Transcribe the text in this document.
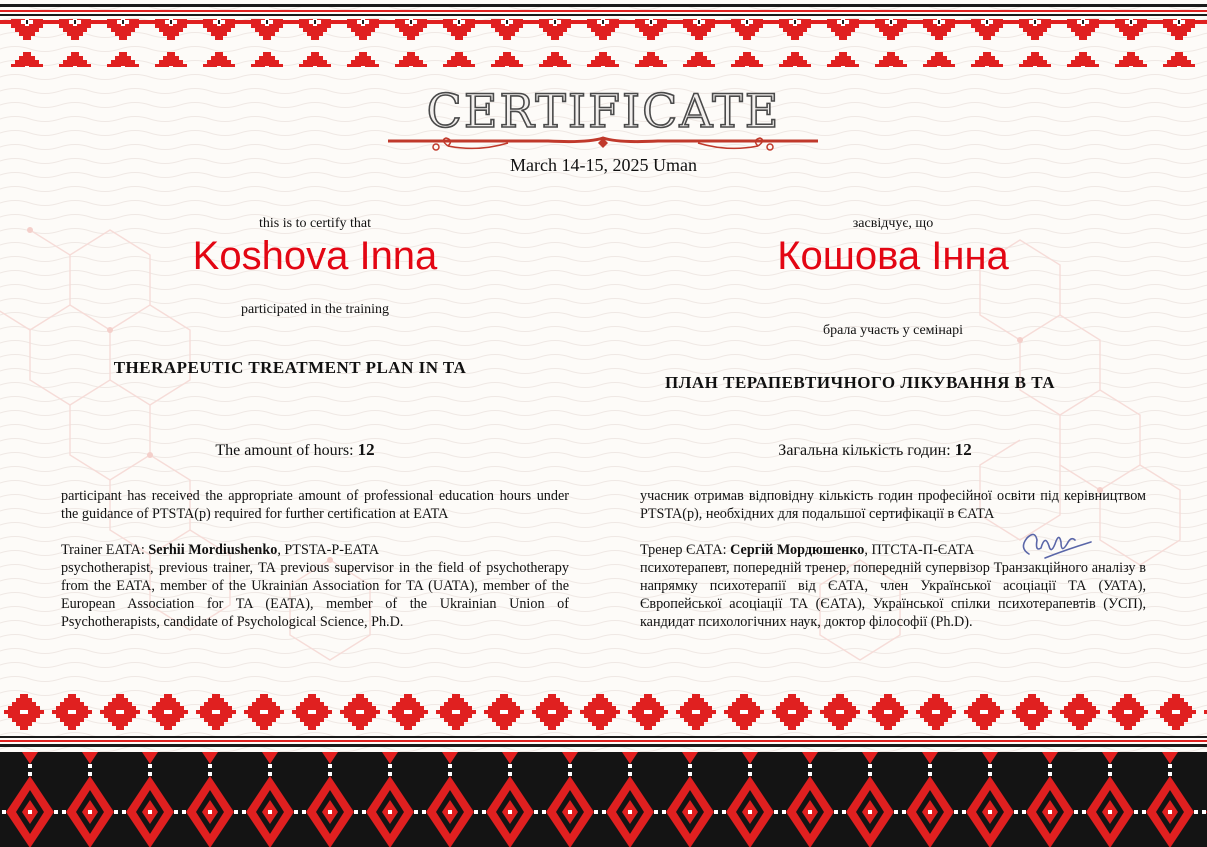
CERTIFICATE
March 14-15, 2025 Uman
this is to certify that
Koshova Inna
participated in the training
THERAPEUTIC TREATMENT PLAN IN TA
The amount of hours: 12

participant has received the appropriate amount of professional education hours under the guidance of PTSTA(p) required for further certification at EATA

Trainer EATA: Serhii Mordiushenko, PTSTA-P-EATA

psychotherapist, previous trainer, TA previous supervisor in the field of psychotherapy from the EATA, member of the Ukrainian Association for TA (UATA), member of the European Association for TA (EATA), member of the Ukrainian Union of Psychotherapists, candidate of Psychological Science, Ph.D.

засвідчує, що
Кошова Інна
брала участь у семінарі
ПЛАН ТЕРАПЕВТИЧНОГО ЛІКУВАННЯ В ТА
Загальна кількість годин: 12

учасник отримав відповідну кількість годин професійної освіти під керівництвом PTSTA(p), необхідних для подальшої сертифікації в ЄАТА

Тренер ЄАТА: Сергій Мордюшенко, ПТСТА-П-ЄАТА

психотерапевт, попередній тренер, попередній супервізор Транзакційного аналізу в напрямку психотерапії від ЄАТА, член Української асоціації ТА (УАТА), Європейської асоціації ТА (ЄАТА), Української спілки психотерапевтів (УСП), кандидат психологічних наук, доктор філософії (Ph.D).
